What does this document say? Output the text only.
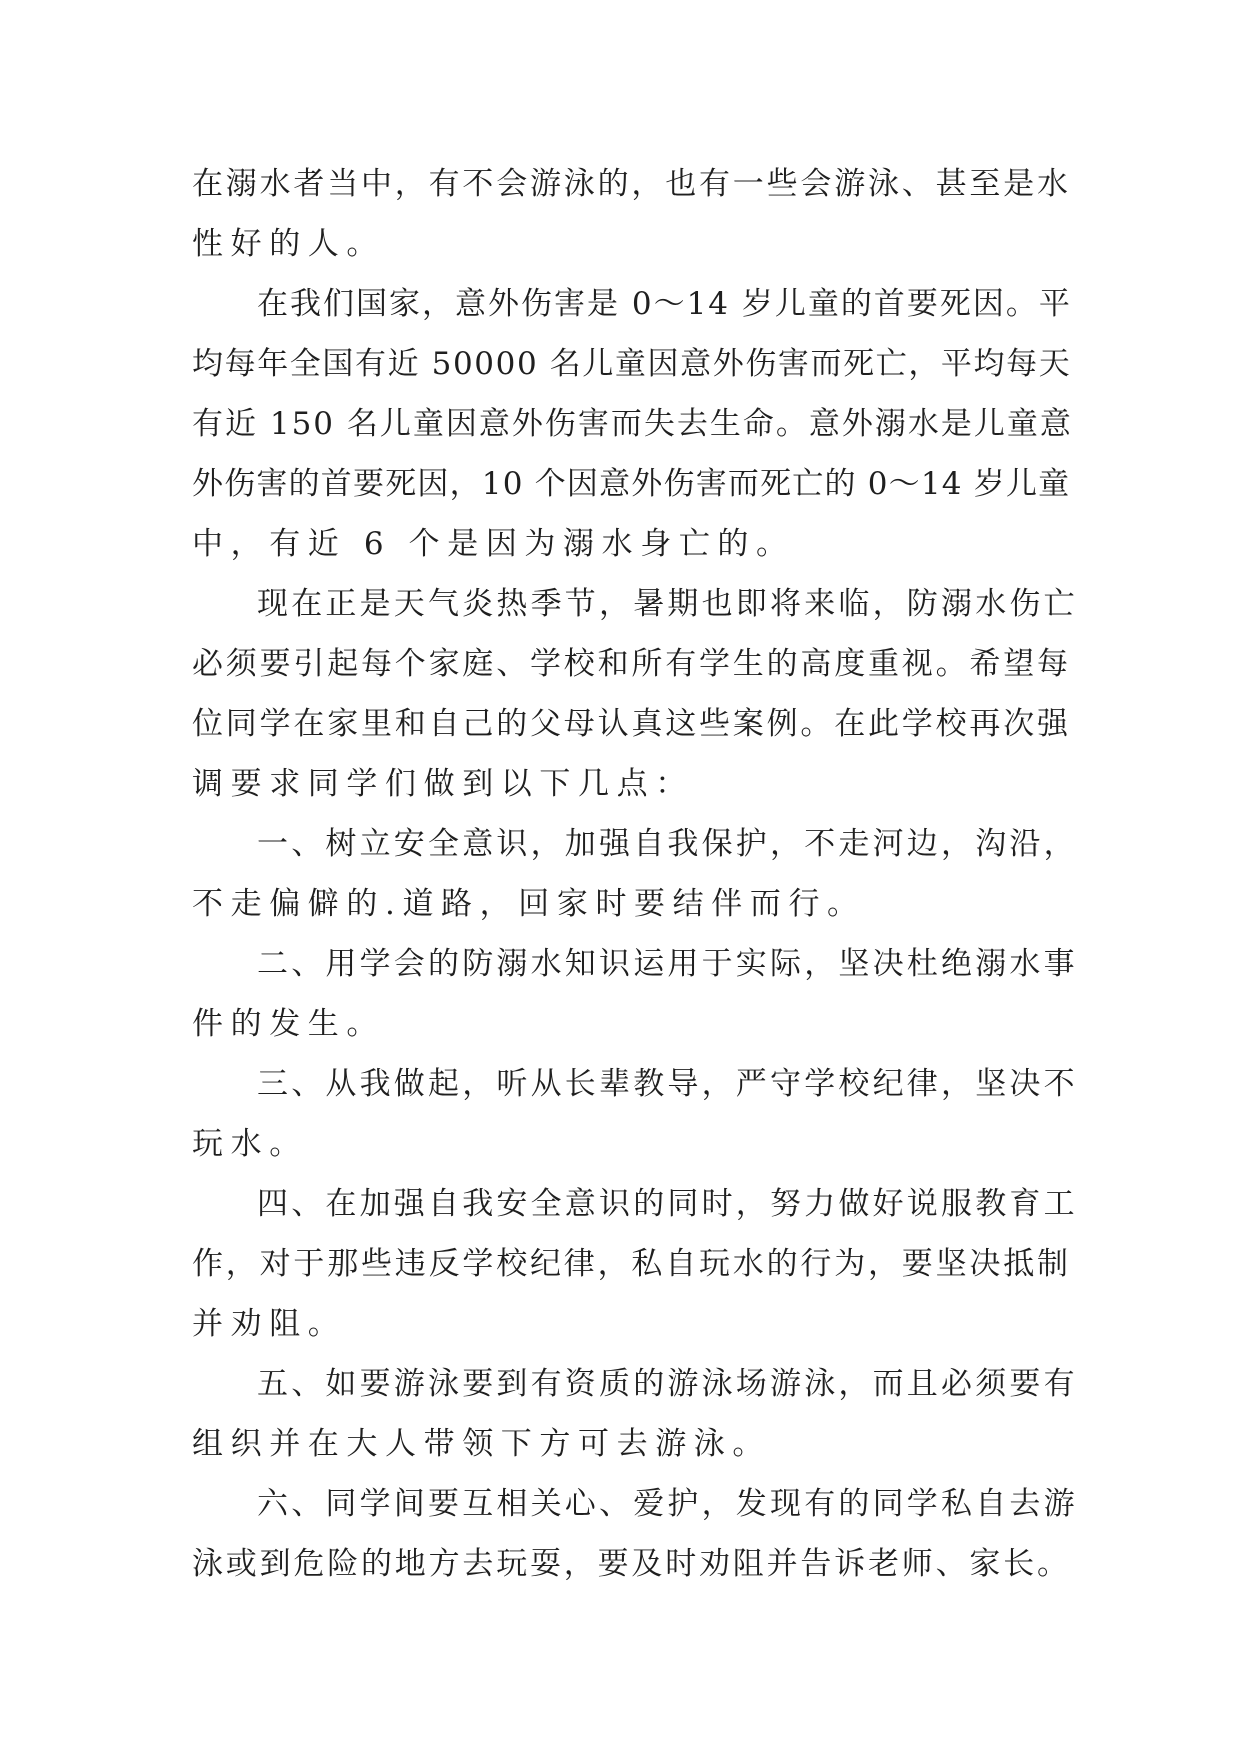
在溺水者当中，有不会游泳的，也有一些会游泳、甚至是水
性好的人。
在我们国家，意外伤害是 0～14 岁儿童的首要死因。平
均每年全国有近 50000 名儿童因意外伤害而死亡，平均每天
有近 150 名儿童因意外伤害而失去生命。意外溺水是儿童意
外伤害的首要死因，10 个因意外伤害而死亡的 0～14 岁儿童
中，有近 6 个是因为溺水身亡的。
现在正是天气炎热季节，暑期也即将来临，防溺水伤亡
必须要引起每个家庭、学校和所有学生的高度重视。希望每
位同学在家里和自己的父母认真这些案例。在此学校再次强
调要求同学们做到以下几点：
一、树立安全意识，加强自我保护，不走河边，沟沿，
不走偏僻的.道路，回家时要结伴而行。
二、用学会的防溺水知识运用于实际，坚决杜绝溺水事
件的发生。
三、从我做起，听从长辈教导，严守学校纪律，坚决不
玩水。
四、在加强自我安全意识的同时，努力做好说服教育工
作，对于那些违反学校纪律，私自玩水的行为，要坚决抵制
并劝阻。
五、如要游泳要到有资质的游泳场游泳，而且必须要有
组织并在大人带领下方可去游泳。
六、同学间要互相关心、爱护，发现有的同学私自去游
泳或到危险的地方去玩耍，要及时劝阻并告诉老师、家长。
